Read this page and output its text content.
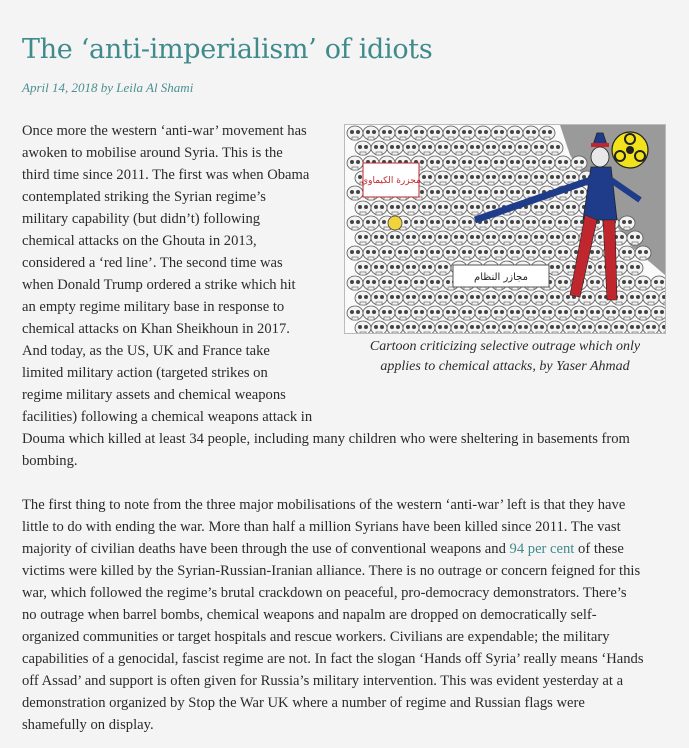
The ‘anti-imperialism’ of idiots
April 14, 2018 by Leila Al Shami
مجزرة الكيماوي
مجازر النظام
Cartoon criticizing selective outrage which only
applies to chemical attacks, by Yaser Ahmad
Once more the western ‘anti-war’ movement has
awoken to mobilise around Syria. This is the
third time since 2011. The first was when Obama
contemplated striking the Syrian regime’s
military capability (but didn’t) following
chemical attacks on the Ghouta in 2013,
considered a ‘red line’. The second time was
when Donald Trump ordered a strike which hit
an empty regime military base in response to
chemical attacks on Khan Sheikhoun in 2017.
And today, as the US, UK and France take
limited military action (targeted strikes on
regime military assets and chemical weapons
facilities) following a chemical weapons attack in
Douma which killed at least 34 people, including many children who were sheltering in basements from
bombing.
The first thing to note from the three major mobilisations of the western ‘anti-war’ left is that they have
little to do with ending the war. More than half a million Syrians have been killed since 2011. The vast
majority of civilian deaths have been through the use of conventional weapons and 94 per cent of these
victims were killed by the Syrian-Russian-Iranian alliance. There is no outrage or concern feigned for this
war, which followed the regime’s brutal crackdown on peaceful, pro-democracy demonstrators. There’s
no outrage when barrel bombs, chemical weapons and napalm are dropped on democratically self-
organized communities or target hospitals and rescue workers. Civilians are expendable; the military
capabilities of a genocidal, fascist regime are not. In fact the slogan ‘Hands off Syria’ really means ‘Hands
off Assad’ and support is often given for Russia’s military intervention. This was evident yesterday at a
demonstration organized by Stop the War UK where a number of regime and Russian flags were
shamefully on display.
